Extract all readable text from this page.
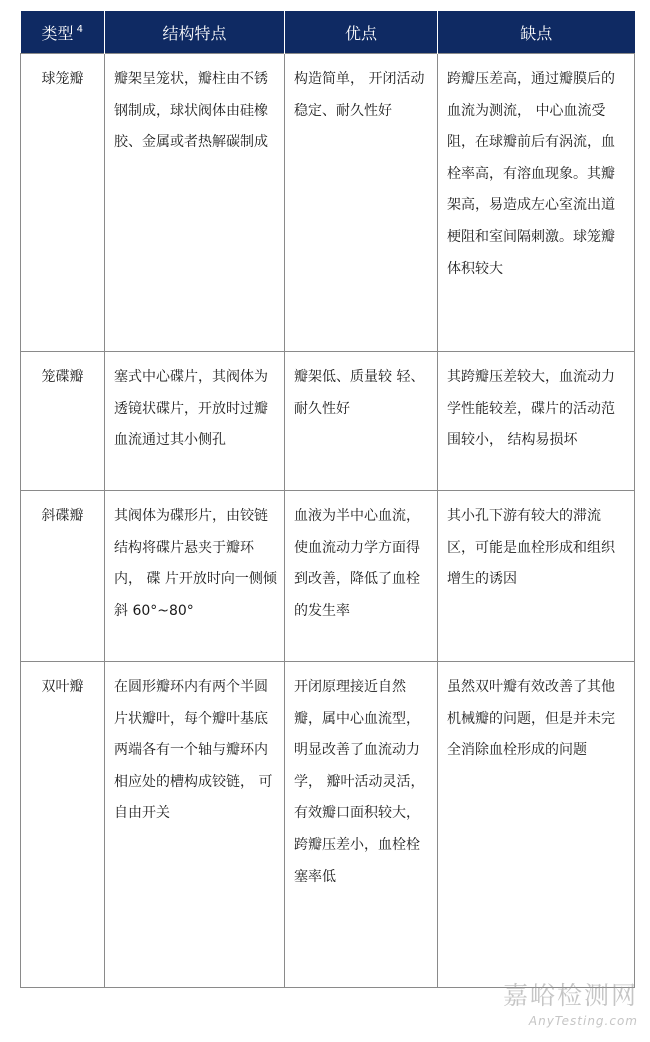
类型 $^4$	结构特点	优点	缺点
球笼瓣	瓣架呈笼状，瓣柱由不锈钢制成，球状阀体由硅橡胶、金属或者热解碳制成	构造简单， 开闭活动稳定、耐久性好	跨瓣压差高，通过瓣膜后的血流为测流， 中心血流受阻，在球瓣前后有涡流，血栓率高，有溶血现象。其瓣架高，易造成左心室流出道梗阻和室间隔刺激。球笼瓣体积较大
笼碟瓣	塞式中心碟片，其阀体为透镜状碟片，开放时过瓣血流通过其小侧孔	瓣架低、质量较 轻、耐久性好	其跨瓣压差较大，血流动力学性能较差，碟片的活动范围较小， 结构易损坏
斜碟瓣	其阀体为碟形片，由铰链结构将碟片悬夹于瓣环内， 碟 片开放时向一侧倾斜 60°~80°	血液为半中心血流，使血流动力学方面得到改善，降低了血栓的发生率	其小孔下游有较大的滞流区，可能是血栓形成和组织增生的诱因
双叶瓣	在圆形瓣环内有两个半圆片状瓣叶，每个瓣叶基底两端各有一个轴与瓣环内相应处的槽构成铰链， 可自由开关	开闭原理接近自然瓣，属中心血流型，明显改善了血流动力学， 瓣叶活动灵活，有效瓣口面积较大，跨瓣压差小，血栓栓塞率低	虽然双叶瓣有效改善了其他机械瓣的问题，但是并未完全消除血栓形成的问题
嘉峪检测网
AnyTesting.com
